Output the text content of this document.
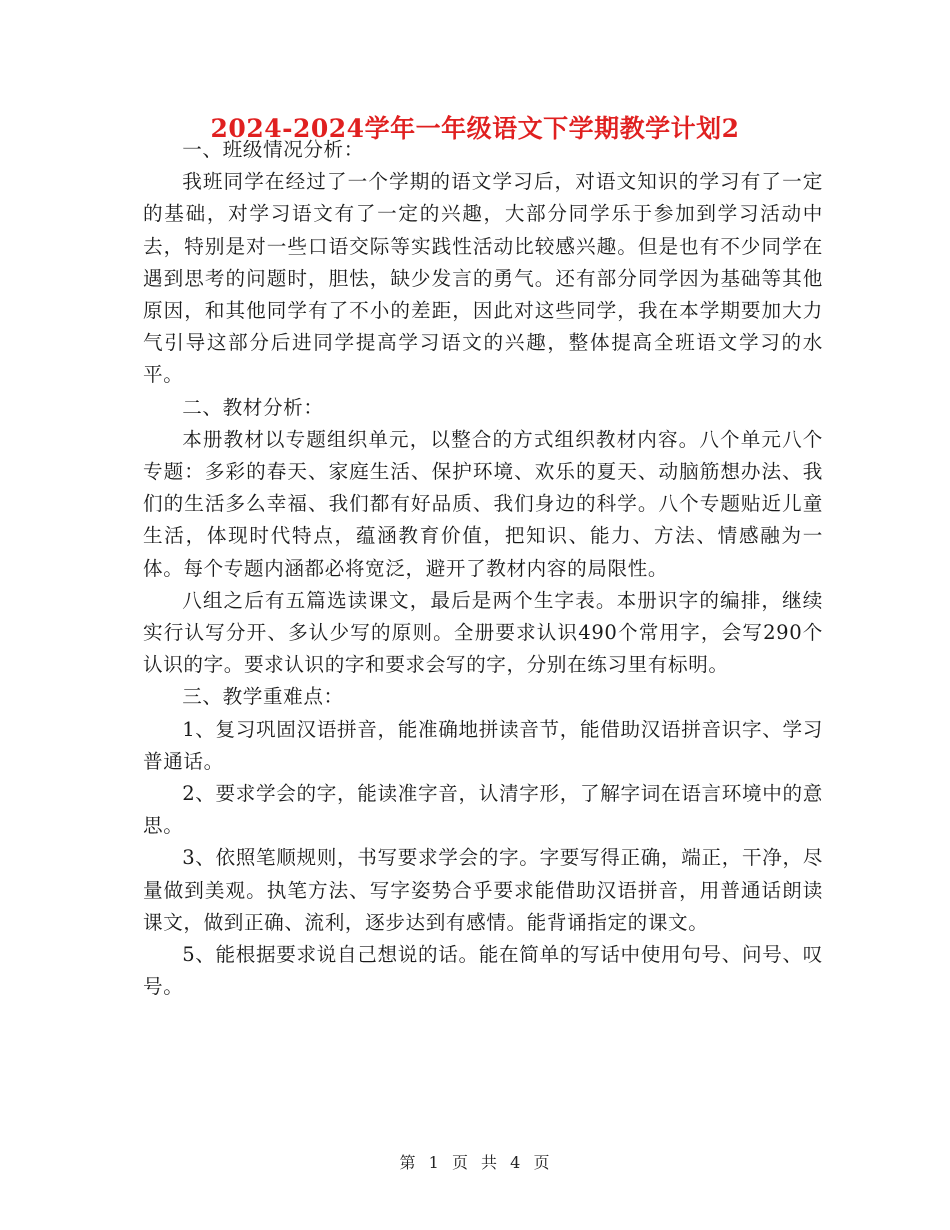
2024-2024学年一年级语文下学期教学计划2

一、班级情况分析：

我班同学在经过了一个学期的语文学习后，对语文知识的学习有了一定的基础，对学习语文有了一定的兴趣，大部分同学乐于参加到学习活动中去，特别是对一些口语交际等实践性活动比较感兴趣。但是也有不少同学在遇到思考的问题时，胆怯，缺少发言的勇气。还有部分同学因为基础等其他原因，和其他同学有了不小的差距，因此对这些同学，我在本学期要加大力气引导这部分后进同学提高学习语文的兴趣，整体提高全班语文学习的水平。

二、教材分析：

本册教材以专题组织单元，以整合的方式组织教材内容。八个单元八个专题：多彩的春天、家庭生活、保护环境、欢乐的夏天、动脑筋想办法、我们的生活多么幸福、我们都有好品质、我们身边的科学。八个专题贴近儿童生活，体现时代特点，蕴涵教育价值，把知识、能力、方法、情感融为一体。每个专题内涵都必将宽泛，避开了教材内容的局限性。

八组之后有五篇选读课文，最后是两个生字表。本册识字的编排，继续实行认写分开、多认少写的原则。全册要求认识490个常用字，会写290个认识的字。要求认识的字和要求会写的字，分别在练习里有标明。

三、教学重难点：

1、复习巩固汉语拼音，能准确地拼读音节，能借助汉语拼音识字、学习普通话。

2、要求学会的字，能读准字音，认清字形，了解字词在语言环境中的意思。

3、依照笔顺规则，书写要求学会的字。字要写得正确，端正，干净，尽量做到美观。执笔方法、写字姿势合乎要求能借助汉语拼音，用普通话朗读课文，做到正确、流利，逐步达到有感情。能背诵指定的课文。

5、能根据要求说自己想说的话。能在简单的写话中使用句号、问号、叹号。

第 1 页 共 4 页
